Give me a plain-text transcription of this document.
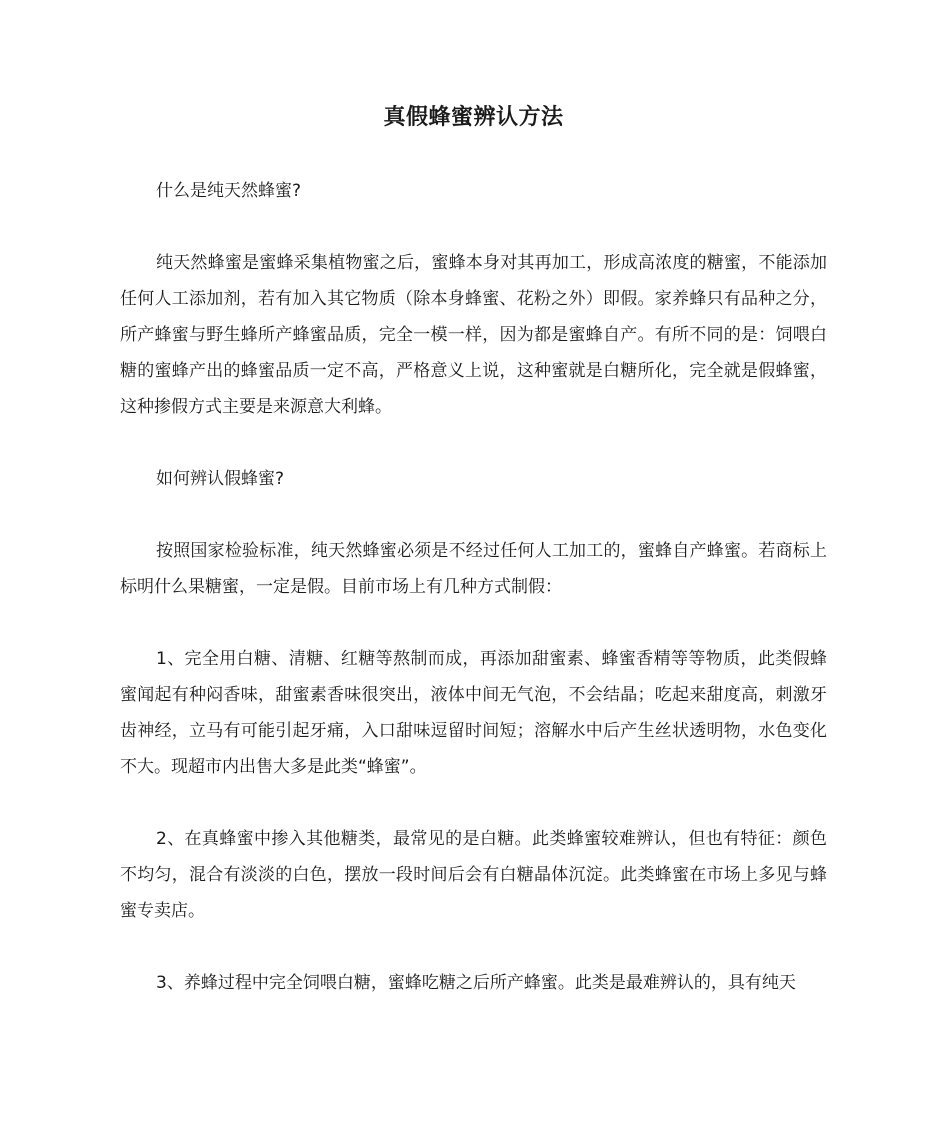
真假蜂蜜辨认方法

什么是纯天然蜂蜜?

纯天然蜂蜜是蜜蜂采集植物蜜之后，蜜蜂本身对其再加工，形成高浓度的糖蜜，不能添加任何人工添加剂，若有加入其它物质（除本身蜂蜜、花粉之外）即假。家养蜂只有品种之分，所产蜂蜜与野生蜂所产蜂蜜品质，完全一模一样，因为都是蜜蜂自产。有所不同的是：饲喂白糖的蜜蜂产出的蜂蜜品质一定不高，严格意义上说，这种蜜就是白糖所化，完全就是假蜂蜜，这种掺假方式主要是来源意大利蜂。

如何辨认假蜂蜜?

按照国家检验标准，纯天然蜂蜜必须是不经过任何人工加工的，蜜蜂自产蜂蜜。若商标上标明什么果糖蜜，一定是假。目前市场上有几种方式制假：

1、完全用白糖、清糖、红糖等熬制而成，再添加甜蜜素、蜂蜜香精等等物质，此类假蜂蜜闻起有种闷香味，甜蜜素香味很突出，液体中间无气泡，不会结晶；吃起来甜度高，刺激牙齿神经，立马有可能引起牙痛，入口甜味逗留时间短；溶解水中后产生丝状透明物，水色变化不大。现超市内出售大多是此类“蜂蜜”。

2、在真蜂蜜中掺入其他糖类，最常见的是白糖。此类蜂蜜较难辨认，但也有特征：颜色不均匀，混合有淡淡的白色，摆放一段时间后会有白糖晶体沉淀。此类蜂蜜在市场上多见与蜂蜜专卖店。

3、养蜂过程中完全饲喂白糖，蜜蜂吃糖之后所产蜂蜜。此类是最难辨认的，具有纯天
